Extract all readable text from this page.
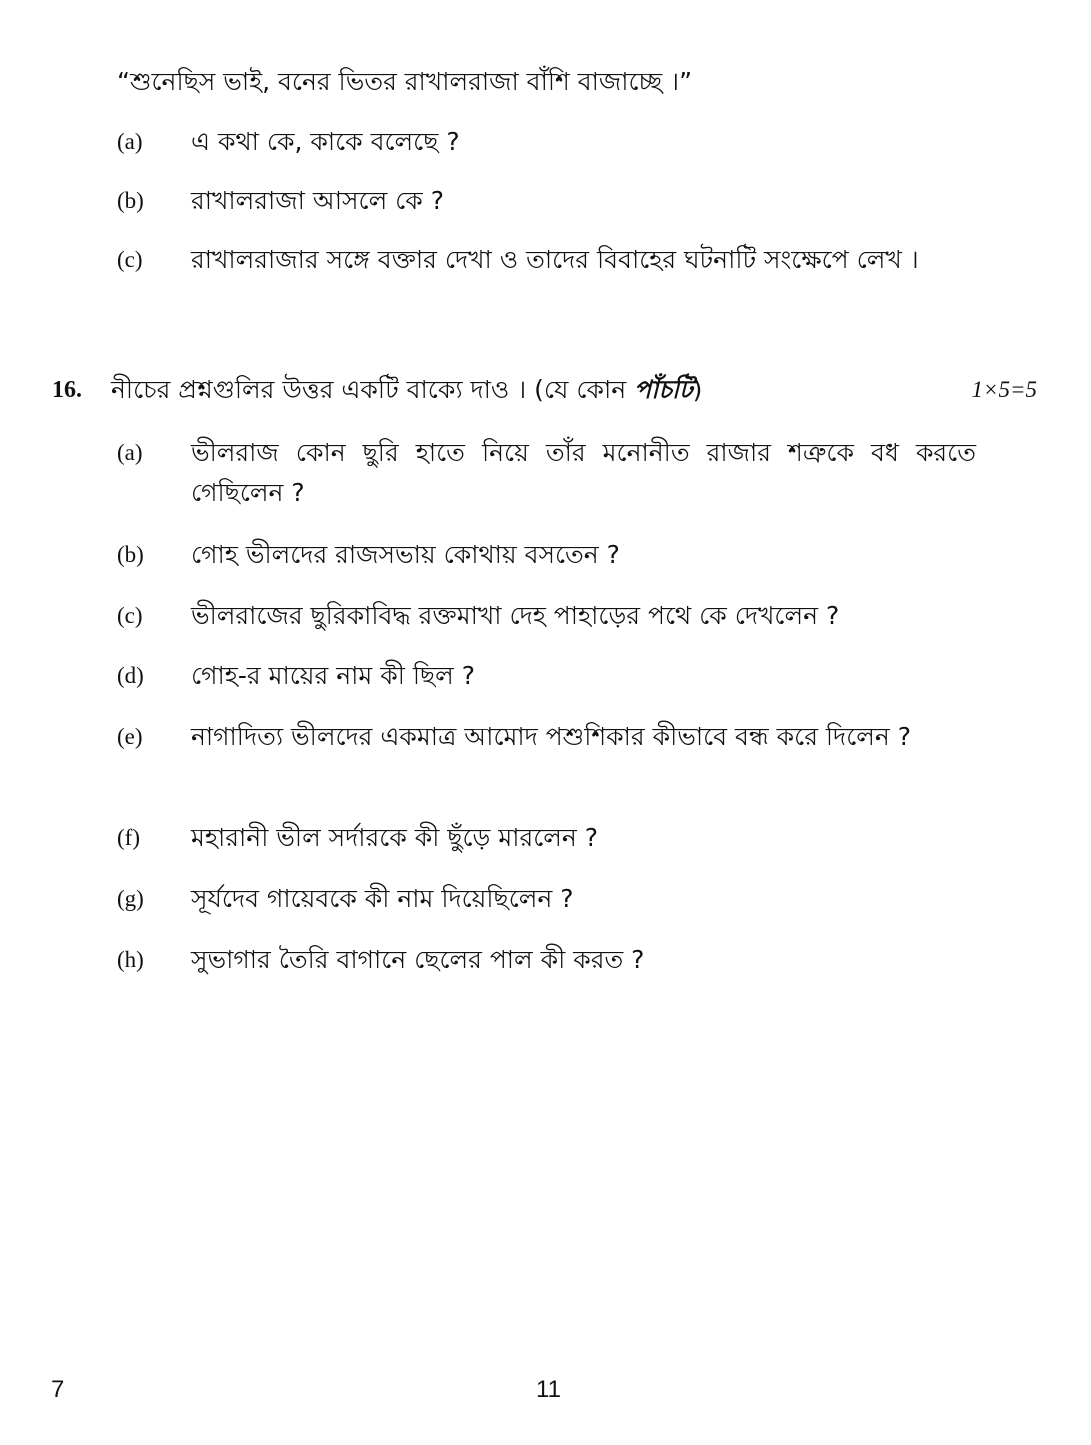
“শুনেছিস ভাই, বনের ভিতর রাখালরাজা বাঁশি বাজাচ্ছে ।”
(a)	এ কথা কে, কাকে বলেছে ?
(b)	রাখালরাজা আসলে কে ?
(c)	রাখালরাজার সঙ্গে বক্তার দেখা ও তাদের বিবাহের ঘটনাটি সংক্ষেপে লেখ ।
16. নীচের প্রশ্নগুলির উত্তর একটি বাক্যে দাও । (যে কোন পাঁচটি)	1×5=5
(a)	ভীলরাজ কোন ছুরি হাতে নিয়ে তাঁর মনোনীত রাজার শত্রুকে বধ করতে গেছিলেন ?
(b)	গোহ ভীলদের রাজসভায় কোথায় বসতেন ?
(c)	ভীলরাজের ছুরিকাবিদ্ধ রক্তমাখা দেহ পাহাড়ের পথে কে দেখলেন ?
(d)	গোহ-র মায়ের নাম কী ছিল ?
(e)	নাগাদিত্য ভীলদের একমাত্র আমোদ পশুশিকার কীভাবে বন্ধ করে দিলেন ?
(f)	মহারানী ভীল সর্দারকে কী ছুঁড়ে মারলেন ?
(g)	সূর্যদেব গায়েবকে কী নাম দিয়েছিলেন ?
(h)	সুভাগার তৈরি বাগানে ছেলের পাল কী করত ?
7	11
